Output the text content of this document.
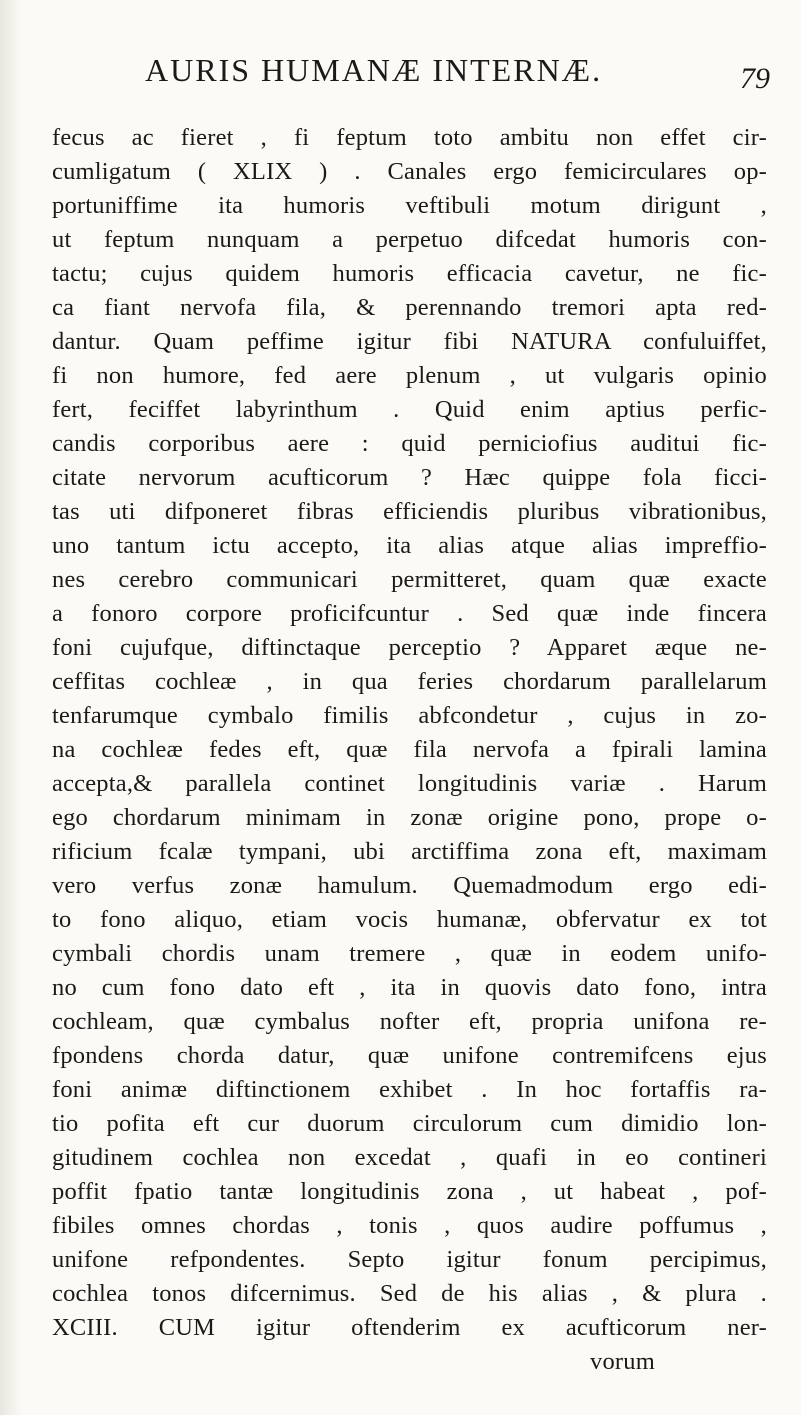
AURIS HUMANÆ INTERNÆ.	79
fecus ac fieret , fi feptum toto ambitu non effet cir-
cumligatum ( XLIX ) . Canales ergo femicirculares op-
portuniffime ita humoris veftibuli motum dirigunt ,
ut feptum nunquam a perpetuo difcedat humoris con-
tactu; cujus quidem humoris efficacia cavetur, ne fic-
ca fiant nervofa fila, & perennando tremori apta red-
dantur. Quam peffime igitur fibi NATURA confuluiffet,
fi non humore, fed aere plenum , ut vulgaris opinio
fert, feciffet labyrinthum . Quid enim aptius perfic-
candis corporibus aere : quid perniciofius auditui fic-
citate nervorum acufticorum ? Hæc quippe fola ficci-
tas uti difponeret fibras efficiendis pluribus vibrationibus,
uno tantum ictu accepto, ita alias atque alias impreffio-
nes cerebro communicari permitteret, quam quæ exacte
a fonoro corpore proficifcuntur . Sed quæ inde fincera
foni cujufque, diftinctaque perceptio ? Apparet æque ne-
ceffitas cochleæ , in qua feries chordarum parallelarum
tenfarumque cymbalo fimilis abfcondetur , cujus in zo-
na cochleæ fedes eft, quæ fila nervofa a fpirali lamina
accepta,& parallela continet longitudinis variæ . Harum
ego chordarum minimam in zonæ origine pono, prope o-
rificium fcalæ tympani, ubi arctiffima zona eft, maximam
vero verfus zonæ hamulum. Quemadmodum ergo edi-
to fono aliquo, etiam vocis humanæ, obfervatur ex tot
cymbali chordis unam tremere , quæ in eodem unifo-
no cum fono dato eft , ita in quovis dato fono, intra
cochleam, quæ cymbalus nofter eft, propria unifona re-
fpondens chorda datur, quæ unifone contremifcens ejus
foni animæ diftinctionem exhibet . In hoc fortaffis ra-
tio pofita eft cur duorum circulorum cum dimidio lon-
gitudinem cochlea non excedat , quafi in eo contineri
poffit fpatio tantæ longitudinis zona , ut habeat , pof-
fibiles omnes chordas , tonis , quos audire poffumus ,
unifone refpondentes. Septo igitur fonum percipimus,
cochlea tonos difcernimus. Sed de his alias , & plura .
XCIII. CUM igitur oftenderim ex acufticorum ner-
vorum
